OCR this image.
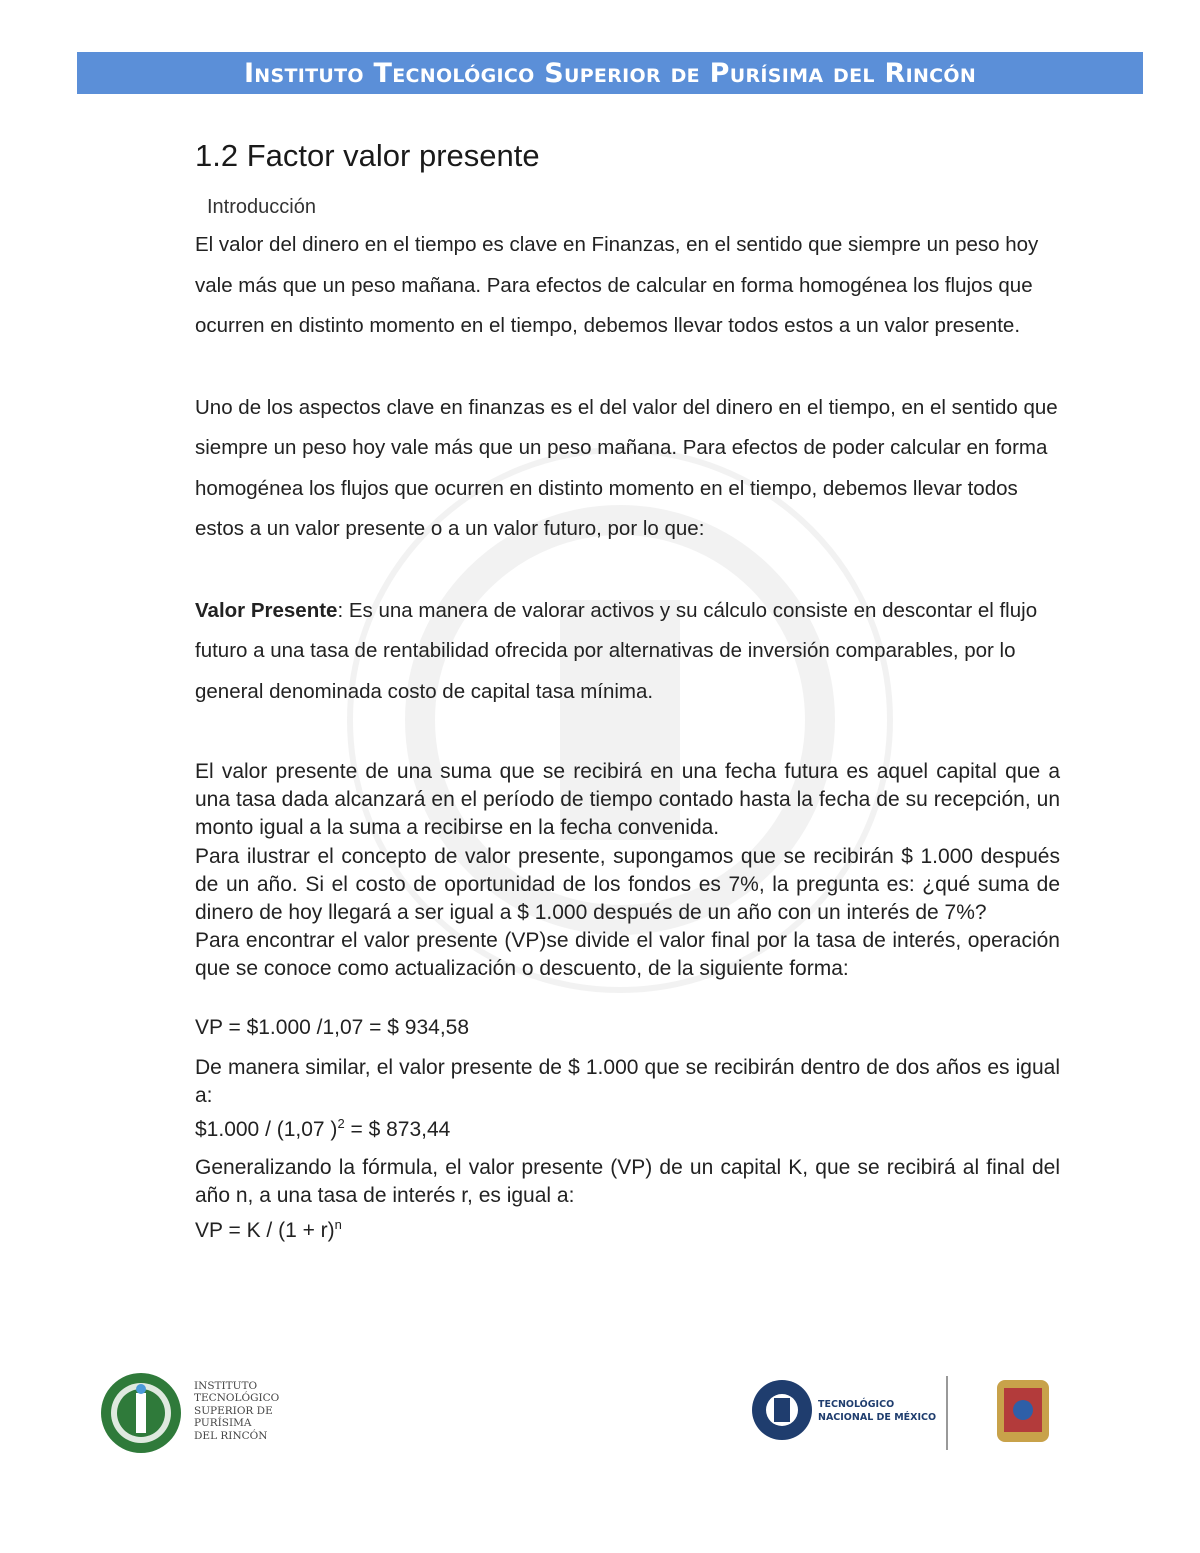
Instituto Tecnológico Superior de Purísima del Rincón
1.2 Factor valor presente
Introducción

El valor del dinero en el tiempo es clave en Finanzas, en el sentido que siempre un peso hoy vale más que un peso mañana. Para efectos de calcular en forma homogénea los flujos que ocurren en distinto momento en el tiempo, debemos llevar todos estos a un valor presente.

Uno de los aspectos clave en finanzas es el del valor del dinero en el tiempo, en el sentido que siempre un peso hoy vale más que un peso mañana. Para efectos de poder calcular en forma homogénea los flujos que ocurren en distinto momento en el tiempo, debemos llevar todos estos a un valor presente o a un valor futuro, por lo que:

Valor Presente: Es una manera de valorar activos y su cálculo consiste en descontar el flujo futuro a una tasa de rentabilidad ofrecida por alternativas de inversión comparables, por lo general denominada costo de capital tasa mínima.

El valor presente de una suma que se recibirá en una fecha futura es aquel capital que a una tasa dada alcanzará en el período de tiempo contado hasta la fecha de su recepción, un monto igual a la suma a recibirse en la fecha convenida.

Para ilustrar el concepto de valor presente, supongamos que se recibirán $ 1.000 después de un año. Si el costo de oportunidad de los fondos es 7%, la pregunta es: ¿qué suma de dinero de hoy llegará a ser igual a $ 1.000 después de un año con un interés de 7%?

Para encontrar el valor presente (VP)se divide el valor final por la tasa de interés, operación que se conoce como actualización o descuento, de la siguiente forma:

VP = $1.000 /1,07 = $ 934,58

De manera similar, el valor presente de $ 1.000 que se recibirán dentro de dos años es igual a:

$1.000 / (1,07 )$^2$ = $ 873,44

Generalizando la fórmula, el valor presente (VP) de un capital K, que se recibirá al final del año n, a una tasa de interés r, es igual a:

VP = $K / (1 + r)^n$

INSTITUTO
TECNOLÓGICO
SUPERIOR DE
PURÍSIMA
DEL RINCÓN
TECNOLÓGICO
NACIONAL DE MÉXICO
